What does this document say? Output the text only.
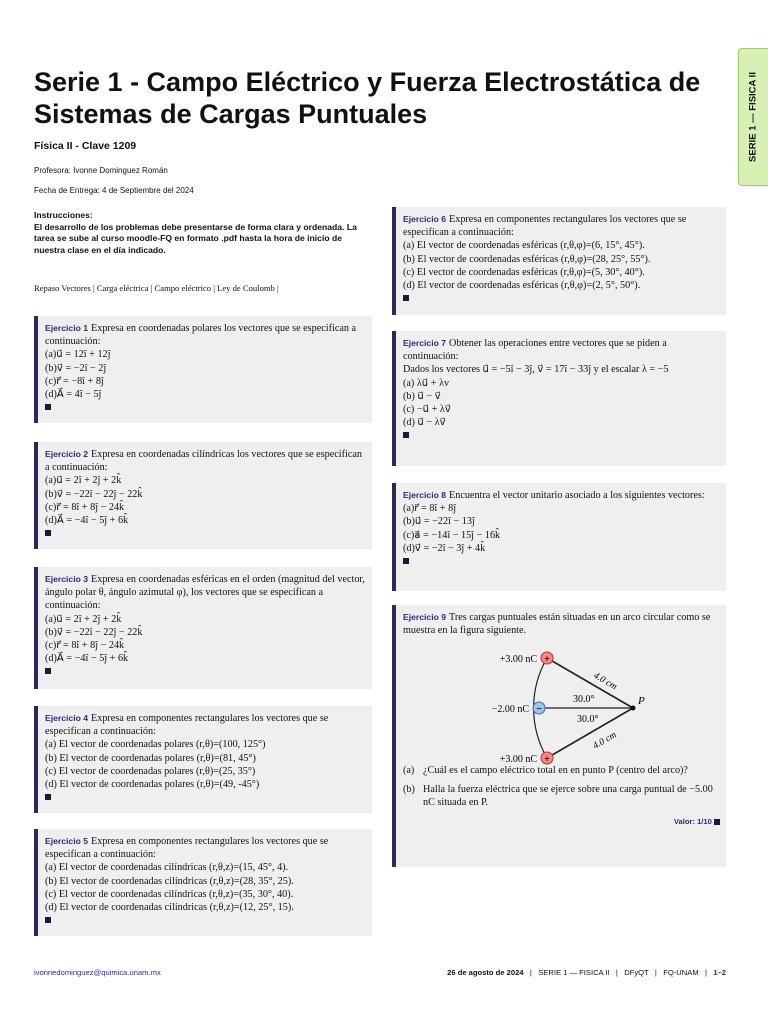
SERIE 1 — FISICA II
Serie 1 - Campo Eléctrico y Fuerza Electrostática de Sistemas de Cargas Puntuales
Física II - Clave 1209
Profesora: Ivonne Dominguez Román
Fecha de Entrega: 4 de Septiembre del 2024
Instrucciones:
El desarrollo de los problemas debe presentarse de forma clara y ordenada. La tarea se sube al curso moodle-FQ en formato .pdf hasta la hora de inicio de nuestra clase en el día indicado.
Repaso Vectores | Carga eléctrica | Campo eléctrico | Ley de Coulomb |
Ejercicio 1 Expresa en coordenadas polares los vectores que se especifican a continuación:
(a)u⃗ = 12î + 12ĵ
(b)v⃗ = −2î − 2ĵ
(c)r⃗ = −8î + 8ĵ
(d)A⃗ = 4î − 5ĵ
Ejercicio 2 Expresa en coordenadas cilíndricas los vectores que se especifican a continuación:
(a)u⃗ = 2î + 2ĵ + 2k̂
(b)v⃗ = −22î − 22ĵ − 22k̂
(c)r⃗ = 8î + 8ĵ − 24k̂
(d)A⃗ = −4î − 5ĵ + 6k̂
Ejercicio 3 Expresa en coordenadas esféricas en el orden (magnitud del vector, ángulo polar θ, ángulo azimutal φ), los vectores que se especifican a continuación:
(a)u⃗ = 2î + 2ĵ + 2k̂
(b)v⃗ = −22î − 22ĵ − 22k̂
(c)r⃗ = 8î + 8ĵ − 24k̂
(d)A⃗ = −4î − 5ĵ + 6k̂
Ejercicio 4 Expresa en componentes rectangulares los vectores que se especifican a continuación:
(a) El vector de coordenadas polares (r,θ)=(100, 125°)
(b) El vector de coordenadas polares (r,θ)=(81, 45°)
(c) El vector de coordenadas polares (r,θ)=(25, 35°)
(d) El vector de coordenadas polares (r,θ)=(49, -45°)
Ejercicio 5 Expresa en componentes rectangulares los vectores que se especifican a continuación:
(a) El vector de coordenadas cilíndricas (r,θ,z)=(15, 45°, 4).
(b) El vector de coordenadas cilíndricas (r,θ,z)=(28, 35°, 25).
(c) El vector de coordenadas cilíndricas (r,θ,z)=(35, 30°, 40).
(d) El vector de coordenadas cilíndricas (r,θ,z)=(12, 25°, 15).
Ejercicio 6 Expresa en componentes rectangulares los vectores que se especifican a continuación:
(a) El vector de coordenadas esféricas (r,θ,φ)=(6, 15°, 45°).
(b) El vector de coordenadas esféricas (r,θ,φ)=(28, 25°, 55°).
(c) El vector de coordenadas esféricas (r,θ,φ)=(5, 30°, 40°).
(d) El vector de coordenadas esféricas (r,θ,φ)=(2, 5°, 50°).
Ejercicio 7 Obtener las operaciones entre vectores que se piden a continuación:
Dados los vectores u⃗ = −5î − 3ĵ, v⃗ = 17î − 33ĵ y el escalar λ = −5
(a) λu⃗ + λv
(b) u⃗ − v⃗
(c) −u⃗ + λv⃗
(d) u⃗ − λv⃗
Ejercicio 8 Encuentra el vector unitario asociado a los siguientes vectores:
(a)r⃗ = 8î + 8ĵ
(b)u⃗ = −22î − 13ĵ
(c)a⃗ = −14î − 15ĵ − 16k̂
(d)v⃗ = −2î − 3ĵ + 4k̂
Ejercicio 9 Tres cargas puntuales están situadas en un arco circular como se muestra en la figura siguiente.
P
+
−
+
+3.00 nC
−2.00 nC
+3.00 nC
4.0 cm
4.0 cm
30.0°
30.0°
(a) ¿Cuál es el campo eléctrico total en en punto P (centro del arco)?
(b) Halla la fuerza eléctrica que se ejerce sobre una carga puntual de −5.00 nC situada en P.
Valor: 1/10
ivonnedominguez@quimica.unam.mx	26 de agosto de 2024 | SERIE 1 — FISICA II | DFyQT | FQ-UNAM | 1–2
